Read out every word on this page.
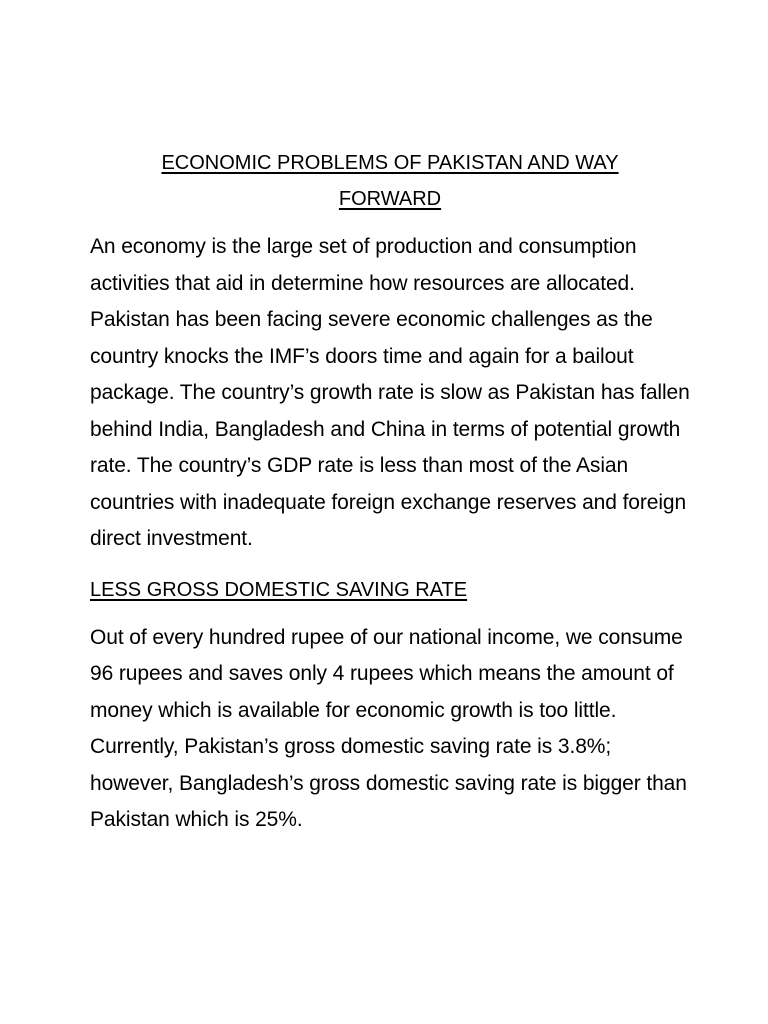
ECONOMIC PROBLEMS OF PAKISTAN AND WAY
FORWARD

An economy is the large set of production and consumption activities that aid in determine how resources are allocated. Pakistan has been facing severe economic challenges as the country knocks the IMF’s doors time and again for a bailout package. The country’s growth rate is slow as Pakistan has fallen behind India, Bangladesh and China in terms of potential growth rate. The country’s GDP rate is less than most of the Asian countries with inadequate foreign exchange reserves and foreign direct investment.

LESS GROSS DOMESTIC SAVING RATE

Out of every hundred rupee of our national income, we consume 96 rupees and saves only 4 rupees which means the amount of money which is available for economic growth is too little. Currently, Pakistan’s gross domestic saving rate is 3.8%; however, Bangladesh’s gross domestic saving rate is bigger than Pakistan which is 25%.
